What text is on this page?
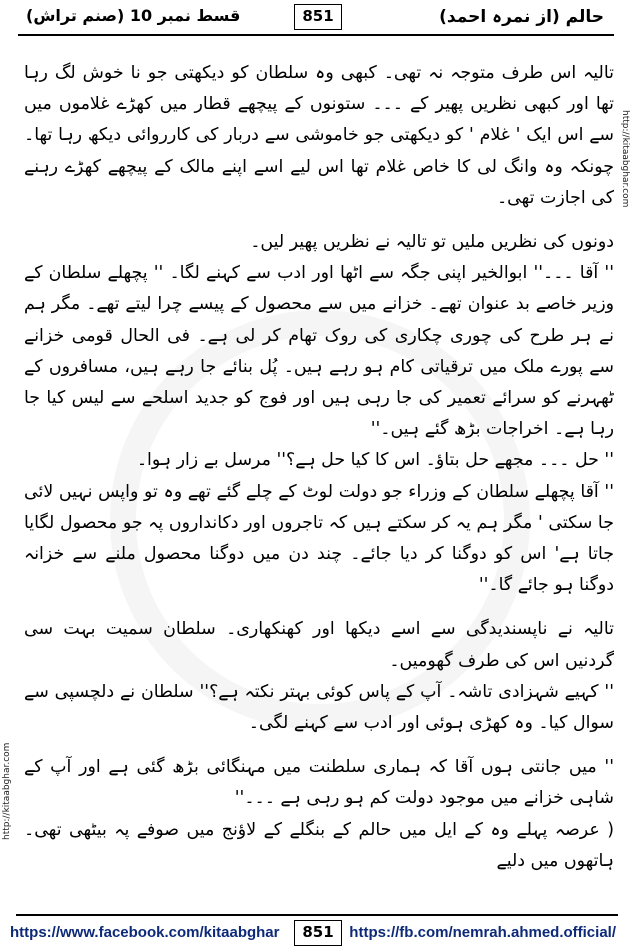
حالم (از نمرہ احمد)
851
قسط نمبر 10 (صنم تراش)
http://kitaabghar.com
http://kitaabghar.com

تالیہ اس طرف متوجہ نہ تھی۔ کبھی وہ سلطان کو دیکھتی جو نا خوش لگ رہا تھا اور کبھی نظریں پھیر کے ۔۔۔ ستونوں کے پیچھے قطار میں کھڑے غلاموں میں سے اس ایک ' غلام ' کو دیکھتی جو خاموشی سے دربار کی کارروائی دیکھ رہا تھا۔ چونکہ وہ وانگ لی کا خاص غلام تھا اس لیے اسے اپنے مالک کے پیچھے کھڑے رہنے کی اجازت تھی۔

دونوں کی نظریں ملیں تو تالیہ نے نظریں پھیر لیں۔

'' آقا ۔۔۔'' ابوالخیر اپنی جگہ سے اٹھا اور ادب سے کہنے لگا۔ '' پچھلے سلطان کے وزیر خاصے بد عنوان تھے۔ خزانے میں سے محصول کے پیسے چرا لیتے تھے۔ مگر ہم نے ہر طرح کی چوری چکاری کی روک تھام کر لی ہے۔ فی الحال قومی خزانے سے پورے ملک میں ترقیاتی کام ہو رہے ہیں۔ پُل بنائے جا رہے ہیں، مسافروں کے ٹھہرنے کو سرائے تعمیر کی جا رہی ہیں اور فوج کو جدید اسلحے سے لیس کیا جا رہا ہے۔ اخراجات بڑھ گئے ہیں۔''

'' حل ۔۔۔ مجھے حل بتاؤ۔ اس کا کیا حل ہے؟'' مرسل بے زار ہوا۔

'' آقا پچھلے سلطان کے وزراء جو دولت لوٹ کے چلے گئے تھے وہ تو واپس نہیں لائی جا سکتی ' مگر ہم یہ کر سکتے ہیں کہ تاجروں اور دکانداروں پہ جو محصول لگایا جاتا ہے' اس کو دوگنا کر دیا جائے۔ چند دن میں دوگنا محصول ملنے سے خزانہ دوگنا ہو جائے گا۔''

تالیہ نے ناپسندیدگی سے اسے دیکھا اور کھنکھاری۔ سلطان سمیت بہت سی گردنیں اس کی طرف گھومیں۔

'' کہیے شہزادی تاشہ۔ آپ کے پاس کوئی بہتر نکتہ ہے؟'' سلطان نے دلچسپی سے سوال کیا۔ وہ کھڑی ہوئی اور ادب سے کہنے لگی۔

'' میں جانتی ہوں آقا کہ ہماری سلطنت میں مہنگائی بڑھ گئی ہے اور آپ کے شاہی خزانے میں موجود دولت کم ہو رہی ہے ۔۔۔''

( عرصہ پہلے وہ کے ایل میں حالم کے بنگلے کے لاؤنج میں صوفے پہ بیٹھی تھی۔ ہاتھوں میں دلیے

https://www.facebook.com/kitaabghar	851	https://fb.com/nemrah.ahmed.official/
